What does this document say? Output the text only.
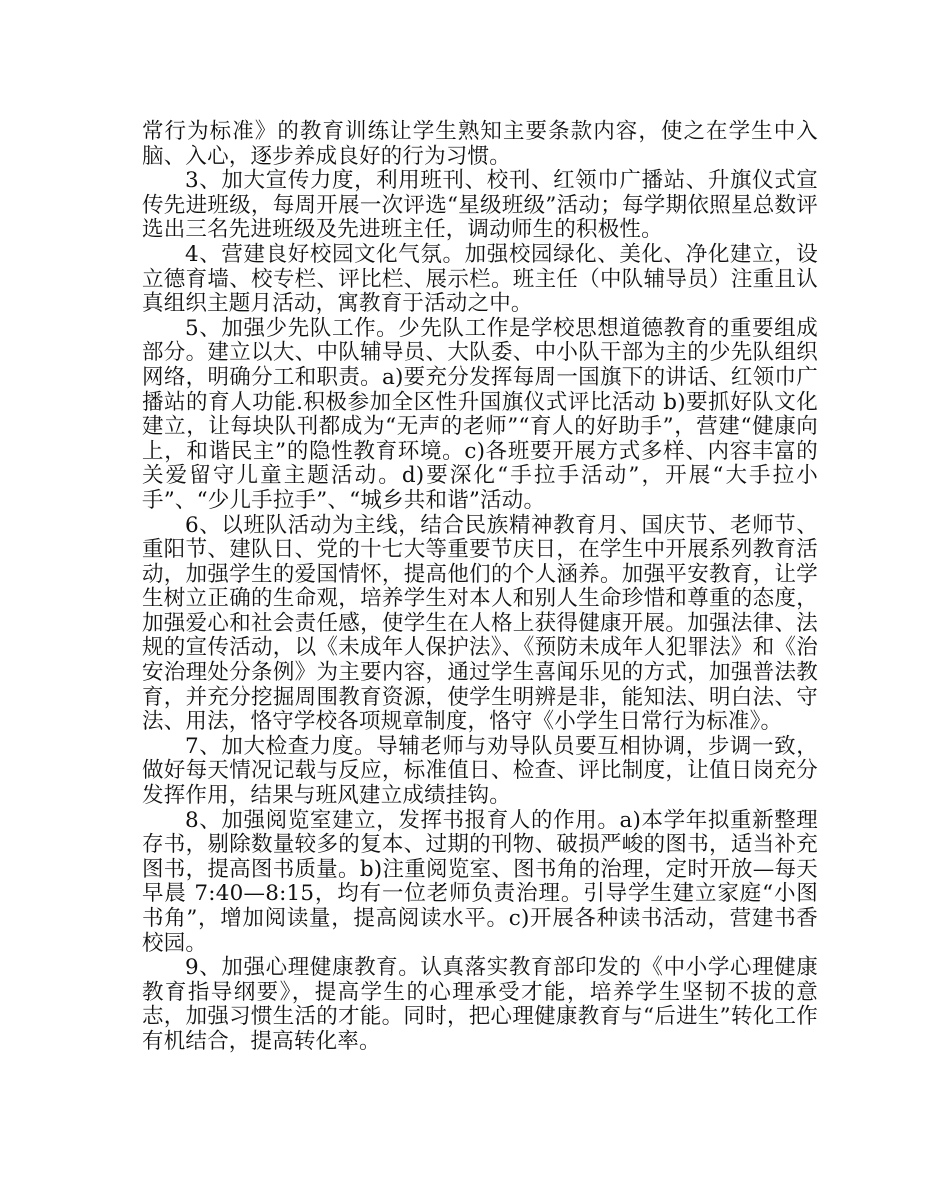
常行为标准》的教育训练让学生熟知主要条款内容，使之在学生中入脑、入心，逐步养成良好的行为习惯。

3、加大宣传力度，利用班刊、校刊、红领巾广播站、升旗仪式宣传先进班级，每周开展一次评选“星级班级”活动；每学期依照星总数评选出三名先进班级及先进班主任，调动师生的积极性。

4、营建良好校园文化气氛。加强校园绿化、美化、净化建立，设立德育墙、校专栏、评比栏、展示栏。班主任（中队辅导员）注重且认真组织主题月活动，寓教育于活动之中。

5、加强少先队工作。少先队工作是学校思想道德教育的重要组成部分。建立以大、中队辅导员、大队委、中小队干部为主的少先队组织网络，明确分工和职责。a)要充分发挥每周一国旗下的讲话、红领巾广播站的育人功能.积极参加全区性升国旗仪式评比活动 b)要抓好队文化建立，让每块队刊都成为“无声的老师”“育人的好助手”，营建“健康向上，和谐民主”的隐性教育环境。c)各班要开展方式多样、内容丰富的关爱留守儿童主题活动。d)要深化“手拉手活动”，开展“大手拉小手”、“少儿手拉手”、“城乡共和谐”活动。

6、以班队活动为主线，结合民族精神教育月、国庆节、老师节、重阳节、建队日、党的十七大等重要节庆日，在学生中开展系列教育活动，加强学生的爱国情怀，提高他们的个人涵养。加强平安教育，让学生树立正确的生命观，培养学生对本人和别人生命珍惜和尊重的态度，加强爱心和社会责任感，使学生在人格上获得健康开展。加强法律、法规的宣传活动，以《未成年人保护法》、《预防未成年人犯罪法》和《治安治理处分条例》为主要内容，通过学生喜闻乐见的方式，加强普法教育，并充分挖掘周围教育资源，使学生明辨是非，能知法、明白法、守法、用法，恪守学校各项规章制度，恪守《小学生日常行为标准》。

7、加大检查力度。导辅老师与劝导队员要互相协调，步调一致，做好每天情况记载与反应，标准值日、检查、评比制度，让值日岗充分发挥作用，结果与班风建立成绩挂钩。

8、加强阅览室建立，发挥书报育人的作用。a)本学年拟重新整理存书，剔除数量较多的复本、过期的刊物、破损严峻的图书，适当补充图书，提高图书质量。b)注重阅览室、图书角的治理，定时开放—每天早晨 7:40—8:15，均有一位老师负责治理。引导学生建立家庭“小图书角”，增加阅读量，提高阅读水平。c)开展各种读书活动，营建书香校园。

9、加强心理健康教育。认真落实教育部印发的《中小学心理健康教育指导纲要》，提高学生的心理承受才能，培养学生坚韧不拔的意志，加强习惯生活的才能。同时，把心理健康教育与“后进生”转化工作有机结合，提高转化率。
